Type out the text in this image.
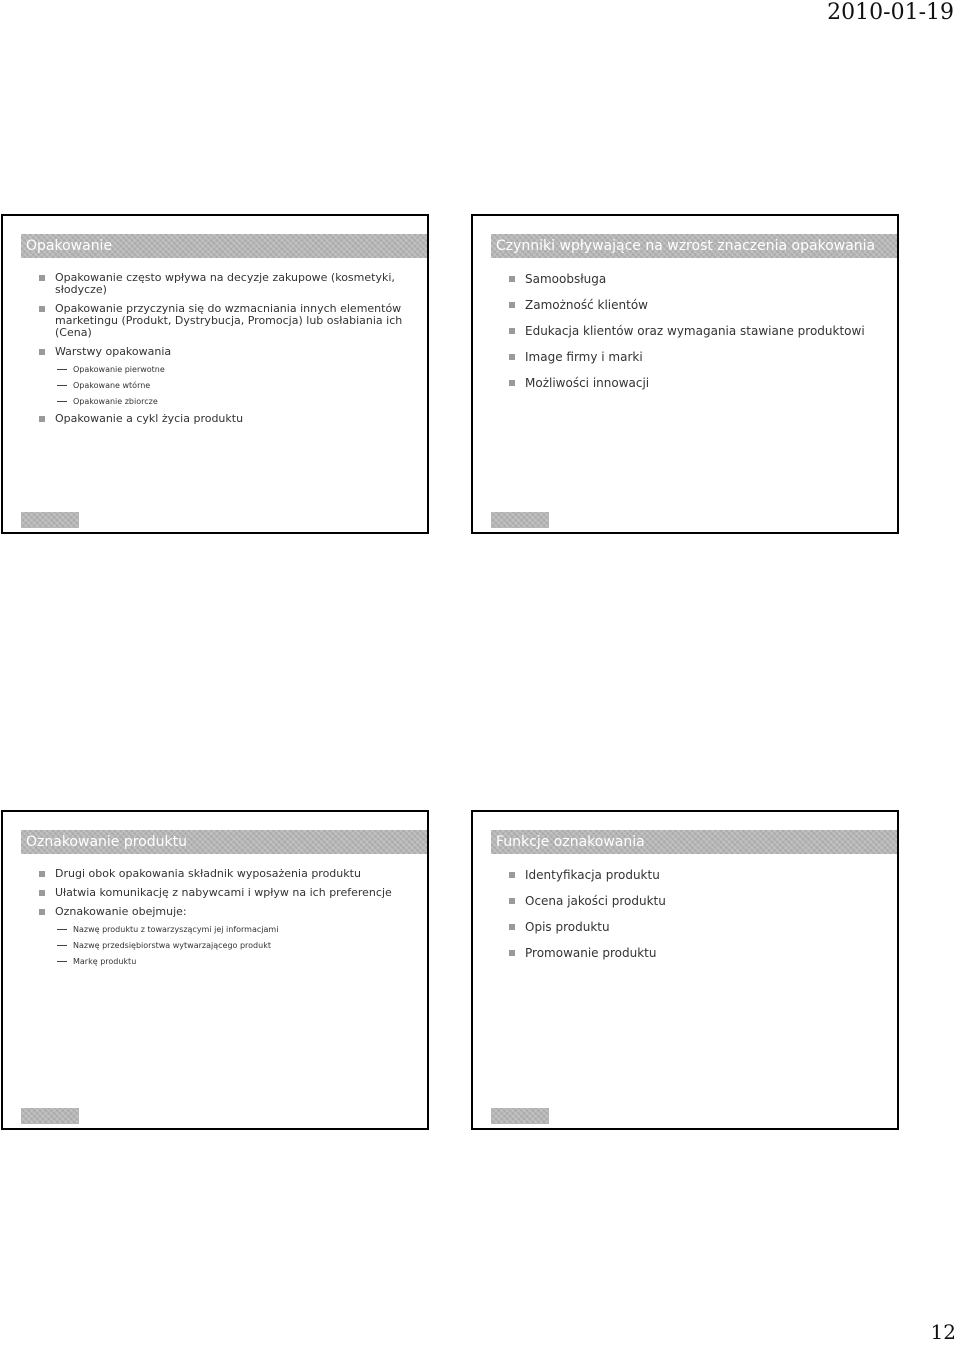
2010-01-19
Opakowanie
Opakowanie często wpływa na decyzje zakupowe (kosmetyki, słodycze)
Opakowanie przyczynia się do wzmacniania innych elementów marketingu (Produkt, Dystrybucja, Promocja) lub osłabiania ich (Cena)
Warstwy opakowania
Opakowanie pierwotne
Opakowane wtórne
Opakowanie zbiorcze
Opakowanie a cykl życia produktu
Czynniki wpływające na wzrost znaczenia opakowania
Samoobsługa
Zamożność klientów
Edukacja klientów oraz wymagania stawiane produktowi
Image firmy i marki
Możliwości innowacji
Oznakowanie produktu
Drugi obok opakowania składnik wyposażenia produktu
Ułatwia komunikację z nabywcami i wpływ na ich preferencje
Oznakowanie obejmuje:
Nazwę produktu z towarzyszącymi jej informacjami
Nazwę przedsiębiorstwa wytwarzającego produkt
Markę produktu
Funkcje oznakowania
Identyfikacja produktu
Ocena jakości produktu
Opis produktu
Promowanie produktu
12
